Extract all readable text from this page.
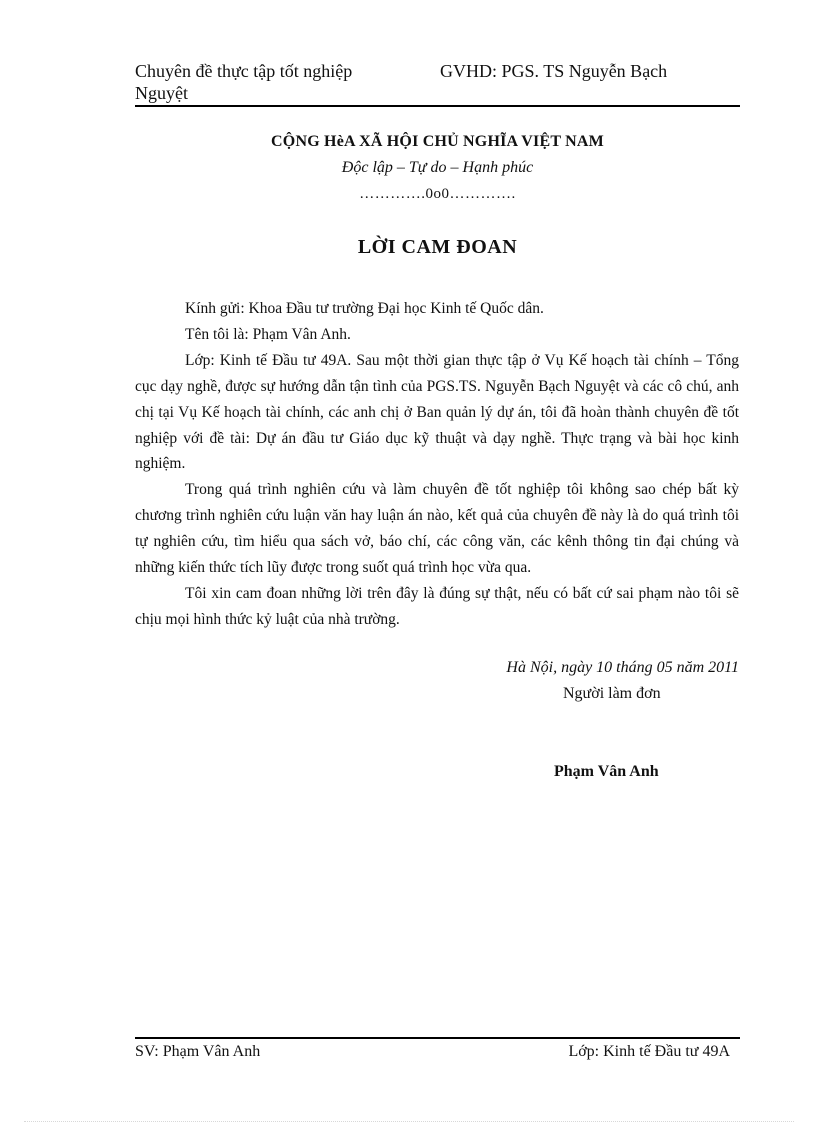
Chuyên đề thực tập tốt nghiệp
Nguyệt
GVHD: PGS. TS Nguyễn Bạch
CỘNG HèA XÃ HỘI CHỦ NGHĨA VIỆT NAM
Độc lập – Tự do – Hạnh phúc
………….0o0………….
LỜI CAM ĐOAN

Kính gửi: Khoa Đầu tư trường Đại học Kinh tế Quốc dân.

Tên tôi là: Phạm Vân Anh.

Lớp: Kinh tế Đầu tư 49A. Sau một thời gian thực tập ở Vụ Kế hoạch tài chính – Tổng cục dạy nghề, được sự hướng dẫn tận tình của PGS.TS. Nguyễn Bạch Nguyệt và các cô chú, anh chị tại Vụ Kế hoạch tài chính, các anh chị ở Ban quản lý dự án, tôi đã hoàn thành chuyên đề tốt nghiệp với đề tài: Dự án đầu tư Giáo dục kỹ thuật và dạy nghề. Thực trạng và bài học kinh nghiệm.

Trong quá trình nghiên cứu và làm chuyên đề tốt nghiệp tôi không sao chép bất kỳ chương trình nghiên cứu luận văn hay luận án nào, kết quả của chuyên đề này là do quá trình tôi tự nghiên cứu, tìm hiểu qua sách vở, báo chí, các công văn, các kênh thông tin đại chúng và những kiến thức tích lũy được trong suốt quá trình học vừa qua.

Tôi xin cam đoan những lời trên đây là đúng sự thật, nếu có bất cứ sai phạm nào tôi sẽ chịu mọi hình thức kỷ luật của nhà trường.

Hà Nội, ngày 10 tháng 05 năm 2011
Người làm đơn
Phạm Vân Anh
SV: Phạm Vân Anh	Lớp: Kinh tế Đầu tư 49A
